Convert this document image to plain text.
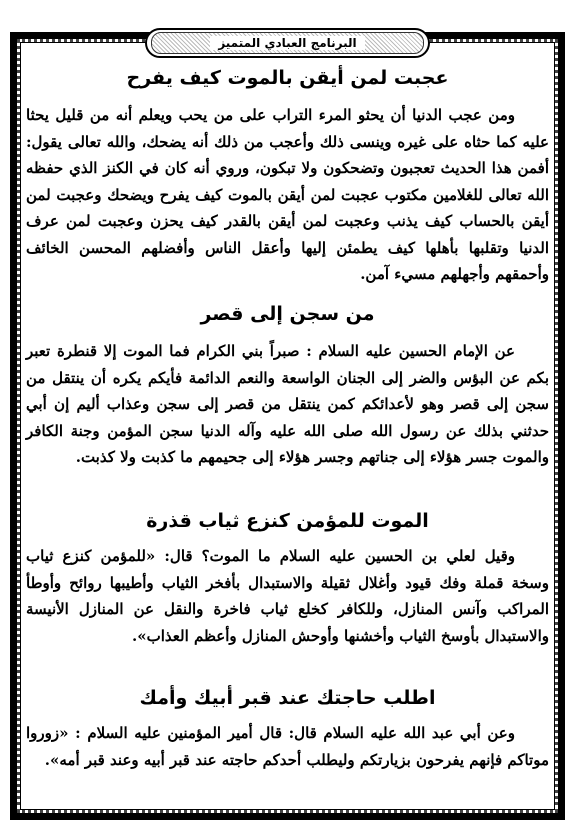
البرنامج العبادي المتميز
عجبت لمن أيقن بالموت كيف يفرح

ومن عجب الدنيا أن يحثو المرء التراب على من يحب ويعلم أنه من قليل يحثا عليه كما حثاه على غيره وينسى ذلك وأعجب من ذلك أنه يضحك، والله تعالى يقول: أفمن هذا الحديث تعجبون وتضحكون ولا تبكون، وروي أنه كان في الكنز الذي حفظه الله تعالى للغلامين مكتوب عجبت لمن أيقن بالموت كيف يفرح ويضحك وعجبت لمن أيقن بالحساب كيف يذنب وعجبت لمن أيقن بالقدر كيف يحزن وعجبت لمن عرف الدنيا وتقلبها بأهلها كيف يطمئن إليها وأعقل الناس وأفضلهم المحسن الخائف وأحمقهم وأجهلهم مسيء آمن.

من سجن إلى قصر

عن الإمام الحسين عليه السلام : صبراً بني الكرام فما الموت إلا قنطرة تعبر بكم عن البؤس والضر إلى الجنان الواسعة والنعم الدائمة فأيكم يكره أن ينتقل من سجن إلى قصر وهو لأعدائكم كمن ينتقل من قصر إلى سجن وعذاب أليم إن أبي حدثني بذلك عن رسول الله صلى الله عليه وآله الدنيا سجن المؤمن وجنة الكافر والموت جسر هؤلاء إلى جناتهم وجسر هؤلاء إلى جحيمهم ما كذبت ولا كذبت.

الموت للمؤمن كنزع ثياب قذرة

وقيل لعلي بن الحسين عليه السلام ما الموت؟ قال: «للمؤمن كنزع ثياب وسخة قملة وفك قيود وأغلال ثقيلة والاستبدال بأفخر الثياب وأطيبها روائح وأوطأ المراكب وآنس المنازل، وللكافر كخلع ثياب فاخرة والنقل عن المنازل الأنيسة والاستبدال بأوسخ الثياب وأخشنها وأوحش المنازل وأعظم العذاب».

اطلب حاجتك عند قبر أبيك وأمك

وعن أبي عبد الله عليه السلام قال: قال أمير المؤمنين عليه السلام : «زوروا موتاكم فإنهم يفرحون بزيارتكم وليطلب أحدكم حاجته عند قبر أبيه وعند قبر أمه».
